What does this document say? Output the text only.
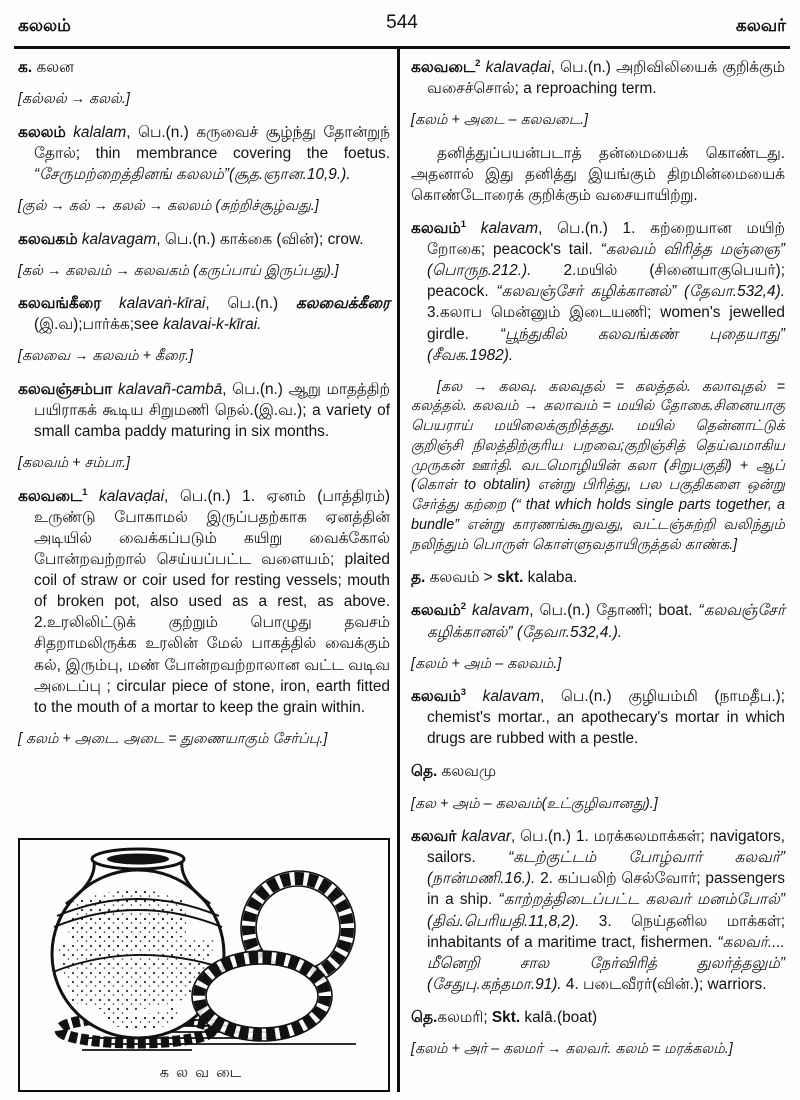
கலலம்	544	கலவர்

க. கலன

[கல்லல் → கலல்.]

கலலம் kalalam, பெ.(n.) கருவைச் சூழ்ந்து தோன்றுந் தோல்; thin membrance covering the foetus. “சேருமற்றைத்தினங் கலலம்”(சூத.ஞான.10,9.).

[குல் → கல் → கலல் → கலலம் (சுற்றிச்சூழ்வது.]

கலவகம் kalavagam, பெ.(n.) காக்கை (வின்); crow.

[கல் → கலவம் → கலவகம் (கருப்பாய் இருப்பது).]

கலவங்கீரை kalavaṅ-kīrai, பெ.(n.) கலவைக்கீரை (இ.வ);பார்க்க;see kalavai-k-kīrai.

[கலவை → கலவம் + கீரை.]

கலவஞ்சம்பா kalavañ-cambā, பெ.(n.) ஆறு மாதத்திற் பயிராகக் கூடிய சிறுமணி நெல்.(இ.வ.); a variety of small camba paddy maturing in six months.

[கலவம் + சம்பா.]

கலவடை$^1$ kalavaḍai, பெ.(n.) 1. ஏனம் (பாத்திரம்) உருண்டு போகாமல் இருப்பதற்காக ஏனத்தின் அடியில் வைக்கப்படும் கயிறு வைக்கோல் போன்றவற்றால் செய்யப்பட்ட வளையம்; plaited coil of straw or coir used for resting vessels; mouth of broken pot, also used as a rest, as above. 2.உரலிலிட்டுக் குற்றும் பொழுது தவசம் சிதறாமலிருக்க உரலின் மேல் பாகத்தில் வைக்கும் கல், இரும்பு, மண் போன்றவற்றாலான வட்ட வடிவ அடைப்பு ; circular piece of stone, iron, earth fitted to the mouth of a mortar to keep the grain within.

[ கலம் + அடை. அடை = துணையாகும் சேர்ப்பு.]

கலவடை

கலவடை$^2$ kalavaḍai, பெ.(n.) அறிவிலியைக் குறிக்கும் வசைச்சொல்; a reproaching term.

[கலம் + அடை – கலவடை.]

தனித்துப்பயன்படாத் தன்மையைக் கொண்டது. அதனால் இது தனித்து இயங்கும் திறமின்மையைக் கொண்டோரைக் குறிக்கும் வசையாயிற்று.

கலவம்$^1$ kalavam, பெ.(n.) 1. கற்றையான மயிற் றோகை; peacock's tail. “கலவம் விரித்த மஞ்ஞை” (பொருந.212.). 2.மயில் (சினையாகுபெயர்); peacock. “கலவஞ்சேர் கழிக்கானல்” (தேவா.532,4). 3.கலாப மென்னும் இடையணி; women's jewelled girdle. “பூந்துகில் கலவங்கண் புதையாது” (சீவக.1982).

[கல → கலவு. கலவுதல் = கலத்தல். கலாவுதல் = கலத்தல். கலவம் → கலாவம் = மயில் தோகை.சினையாகு பெயராய் மயிலைக்குறித்தது. மயில் தென்னாட்டுக் குறிஞ்சி நிலத்திற்குரிய பறவை;குறிஞ்சித் தெய்வமாகிய முருகன் ஊர்தி. வடமொழியின் கலா (சிறுபகுதி) + ஆப் (கொள் to obtalin) என்று பிரித்து, பல பகுதிகளை ஒன்று சேர்த்து கற்றை (“ that which holds single parts together, a bundle” என்று காரணங்கூறுவது, வட்டஞ்சுற்றி வலிந்தும் நலிந்தும் பொருள் கொள்ளுவதாயிருத்தல் காண்க.]

த. கலவம் > skt. kalaba.

கலவம்$^2$ kalavam, பெ.(n.) தோணி; boat. “கலவஞ்சேர் கழிக்கானல்” (தேவா.532,4.).

[கலம் + அம் – கலவம்.]

கலவம்$^3$ kalavam, பெ.(n.) குழியம்மி (நாமதீப.); chemist's mortar., an apothecary's mortar in which drugs are rubbed with a pestle.

தெ. கலவமு

[கல + அம் – கலவம்(உட்குழிவானது).]

கலவர் kalavar, பெ.(n.) 1. மரக்கலமாக்கள்; navigators, sailors. “கடற்குட்டம் போழ்வார் கலவர்” (நான்மணி.16.). 2. கப்பலிற் செல்வோர்; passengers in a ship. “காற்றத்திடைப்பட்ட கலவர் மனம்போல்” (திவ்.பெரியதி.11,8,2). 3. நெய்தனில மாக்கள்; inhabitants of a maritime tract, fishermen. “கலவர்.... மீனெறி சால நேர்விரித் துலர்த்தலும்” (சேதுபு.கந்தமா.91). 4. படைவீரர்(வின்.); warriors.

தெ.கலமரி; Skt. kalā.(boat)

[கலம் + அர் – கலமர் → கலவர். கலம் = மரக்கலம்.]
